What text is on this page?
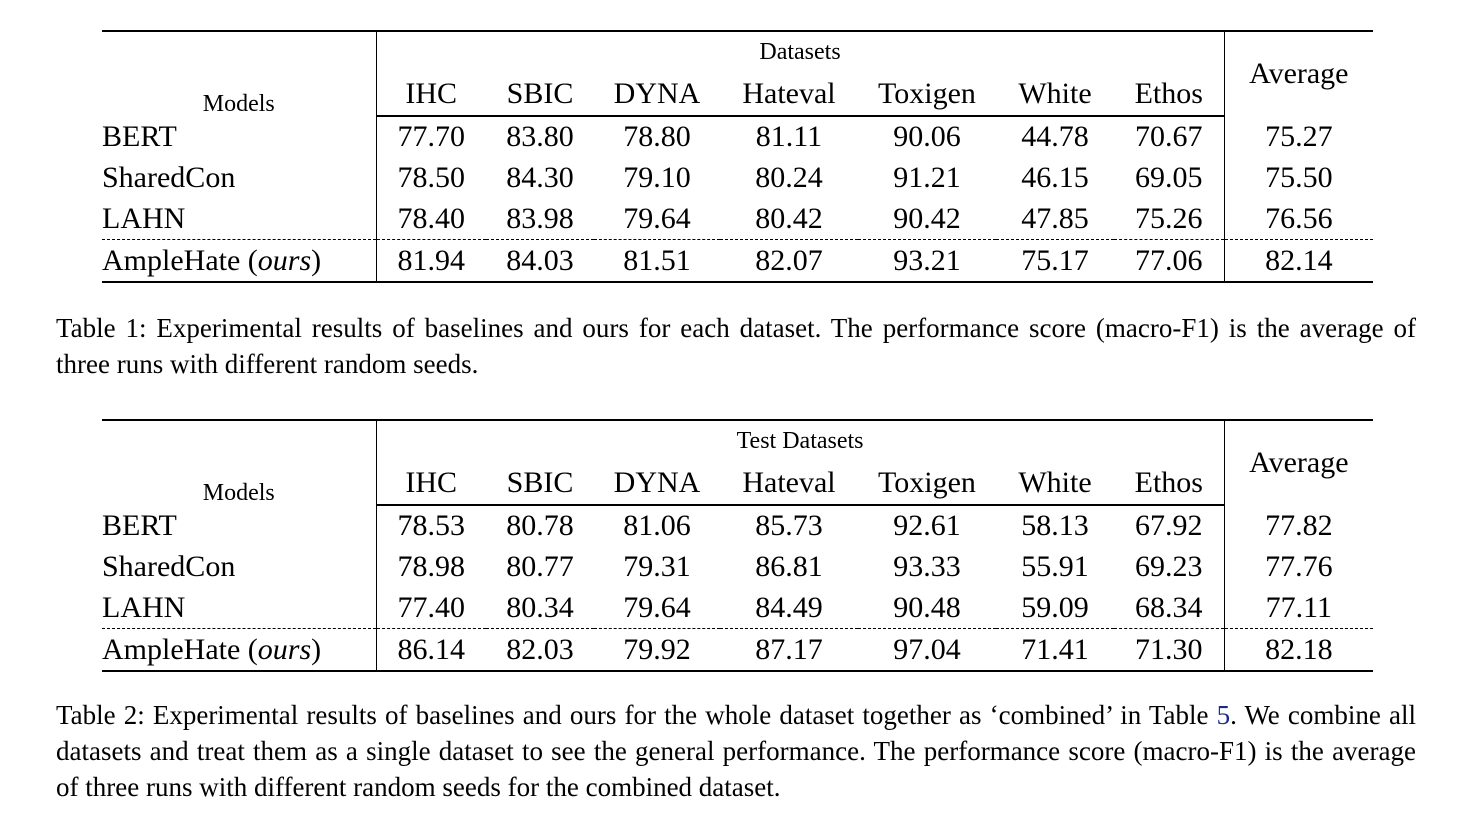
Models	Datasets							Average
	IHC	SBIC	DYNA	Hateval	Toxigen	White	Ethos	
BERT	77.70	83.80	78.80	81.11	90.06	44.78	70.67	75.27
SharedCon	78.50	84.30	79.10	80.24	91.21	46.15	69.05	75.50
LAHN	78.40	83.98	79.64	80.42	90.42	47.85	75.26	76.56
AmpleHate (ours)	81.94	84.03	81.51	82.07	93.21	75.17	77.06	82.14
Table 1: Experimental results of baselines and ours for each dataset. The performance score (macro-F1) is the average of three runs with different random seeds.
Models	Test Datasets							Average
	IHC	SBIC	DYNA	Hateval	Toxigen	White	Ethos	
BERT	78.53	80.78	81.06	85.73	92.61	58.13	67.92	77.82
SharedCon	78.98	80.77	79.31	86.81	93.33	55.91	69.23	77.76
LAHN	77.40	80.34	79.64	84.49	90.48	59.09	68.34	77.11
AmpleHate (ours)	86.14	82.03	79.92	87.17	97.04	71.41	71.30	82.18
Table 2: Experimental results of baselines and ours for the whole dataset together as ‘combined’ in Table 5. We combine all datasets and treat them as a single dataset to see the general performance. The performance score (macro-F1) is the average of three runs with different random seeds for the combined dataset.
